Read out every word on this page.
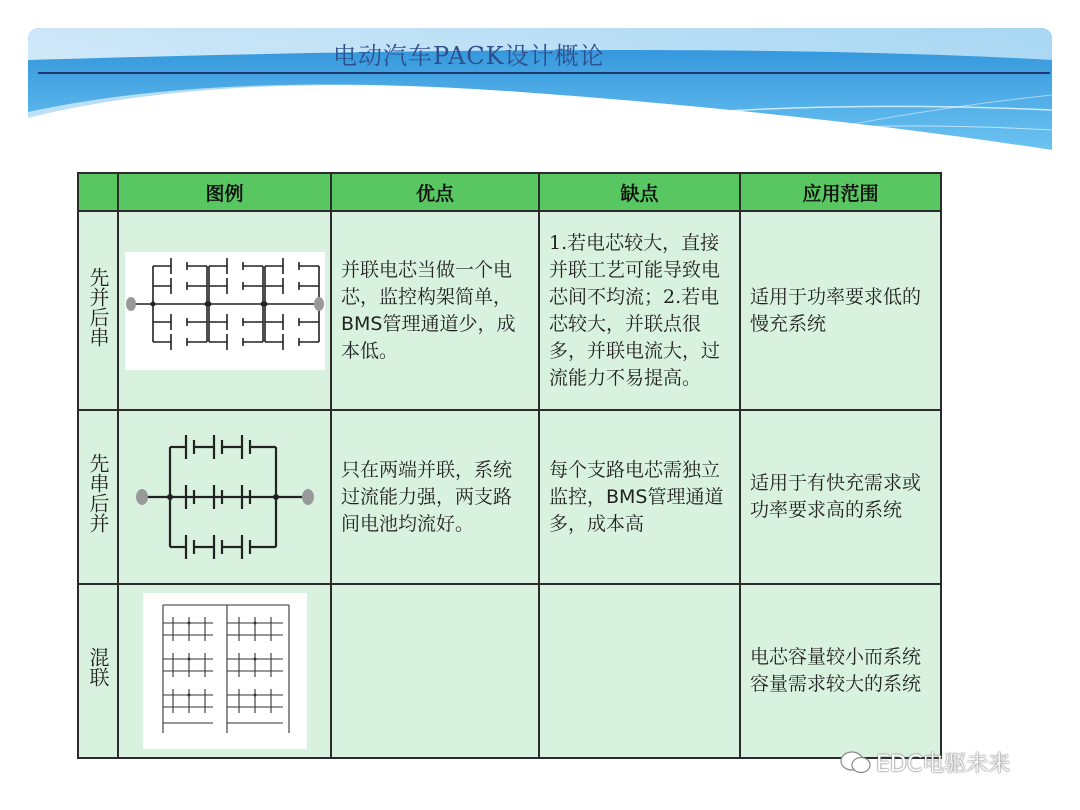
电动汽车PACK设计概论
	图例	优点	缺点	应用范围
先并后串		并联电芯当做一个电芯，监控构架简单，BMS管理通道少，成本低。	1.若电芯较大，直接并联工艺可能导致电芯间不均流；2.若电芯较大，并联点很多，并联电流大，过流能力不易提高。	适用于功率要求低的慢充系统
先串后并		只在两端并联，系统过流能力强，两支路间电池均流好。	每个支路电芯需独立监控，BMS管理通道多，成本高	适用于有快充需求或功率要求高的系统
混联				电芯容量较小而系统容量需求较大的系统
EDC电驱未来
